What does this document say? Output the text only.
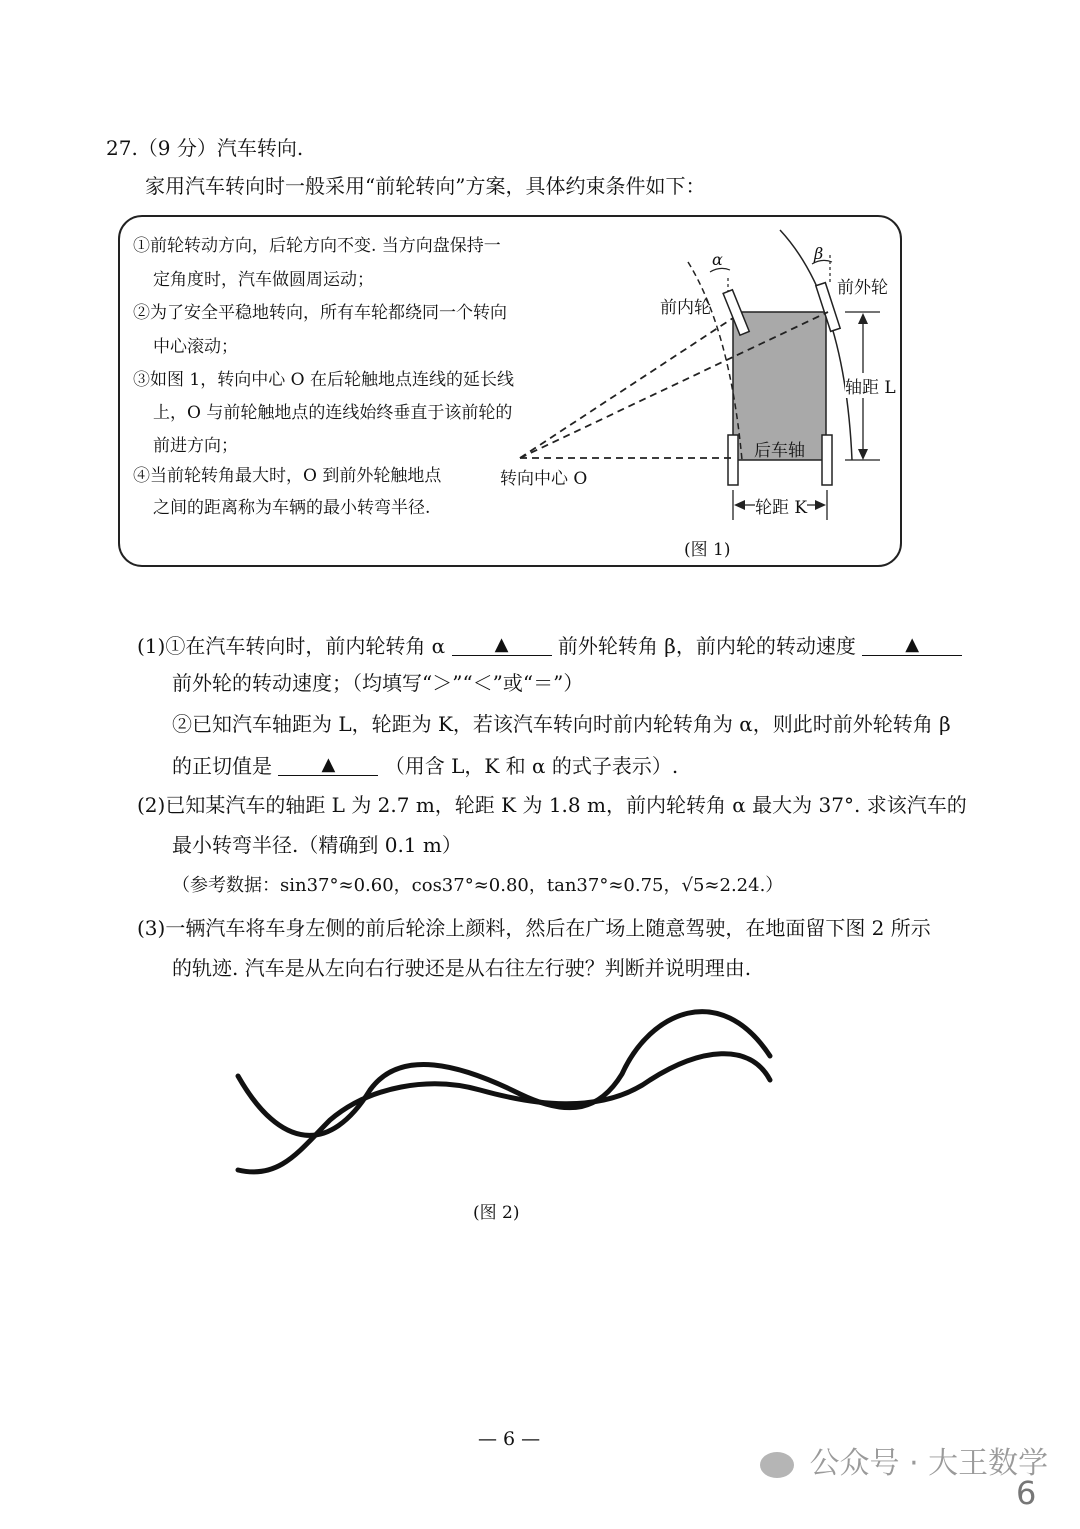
27.（9 分）汽车转向.
家用汽车转向时一般采用“前轮转向”方案，具体约束条件如下：
①前轮转动方向，后轮方向不变. 当方向盘保持一
定角度时，汽车做圆周运动；
②为了安全平稳地转向，所有车轮都绕同一个转向
中心滚动；
③如图 1，转向中心 O 在后轮触地点连线的延长线
上，O 与前轮触地点的连线始终垂直于该前轮的
前进方向；
④当前轮转角最大时，O 到前外轮触地点
之间的距离称为车辆的最小转弯半径.
前内轮
前外轮
α	β
轴距 L
后车轴
转向中心 O
轮距 K
(图 1)
(1)①在汽车转向时，前内轮转角 α	▲ 前外轮转角 β，前内轮的转动速度	▲
前外轮的转动速度；（均填写“＞”“＜”或“＝”）
②已知汽车轴距为 L，轮距为 K，若该汽车转向时前内轮转角为 α，则此时前外轮转角 β
的正切值是	▲ （用含 L，K 和 α 的式子表示）.
(2)已知某汽车的轴距 L 为 2.7 m，轮距 K 为 1.8 m，前内轮转角 α 最大为 37°. 求该汽车的
最小转弯半径.（精确到 0.1 m）
（参考数据：sin37°≈0.60，cos37°≈0.80，tan37°≈0.75，√5≈2.24.）
(3)一辆汽车将车身左侧的前后轮涂上颜料，然后在广场上随意驾驶，在地面留下图 2 所示
的轨迹. 汽车是从左向右行驶还是从右往左行驶？判断并说明理由.
(图 2)
— 6 —
公众号 · 大王数学
6
